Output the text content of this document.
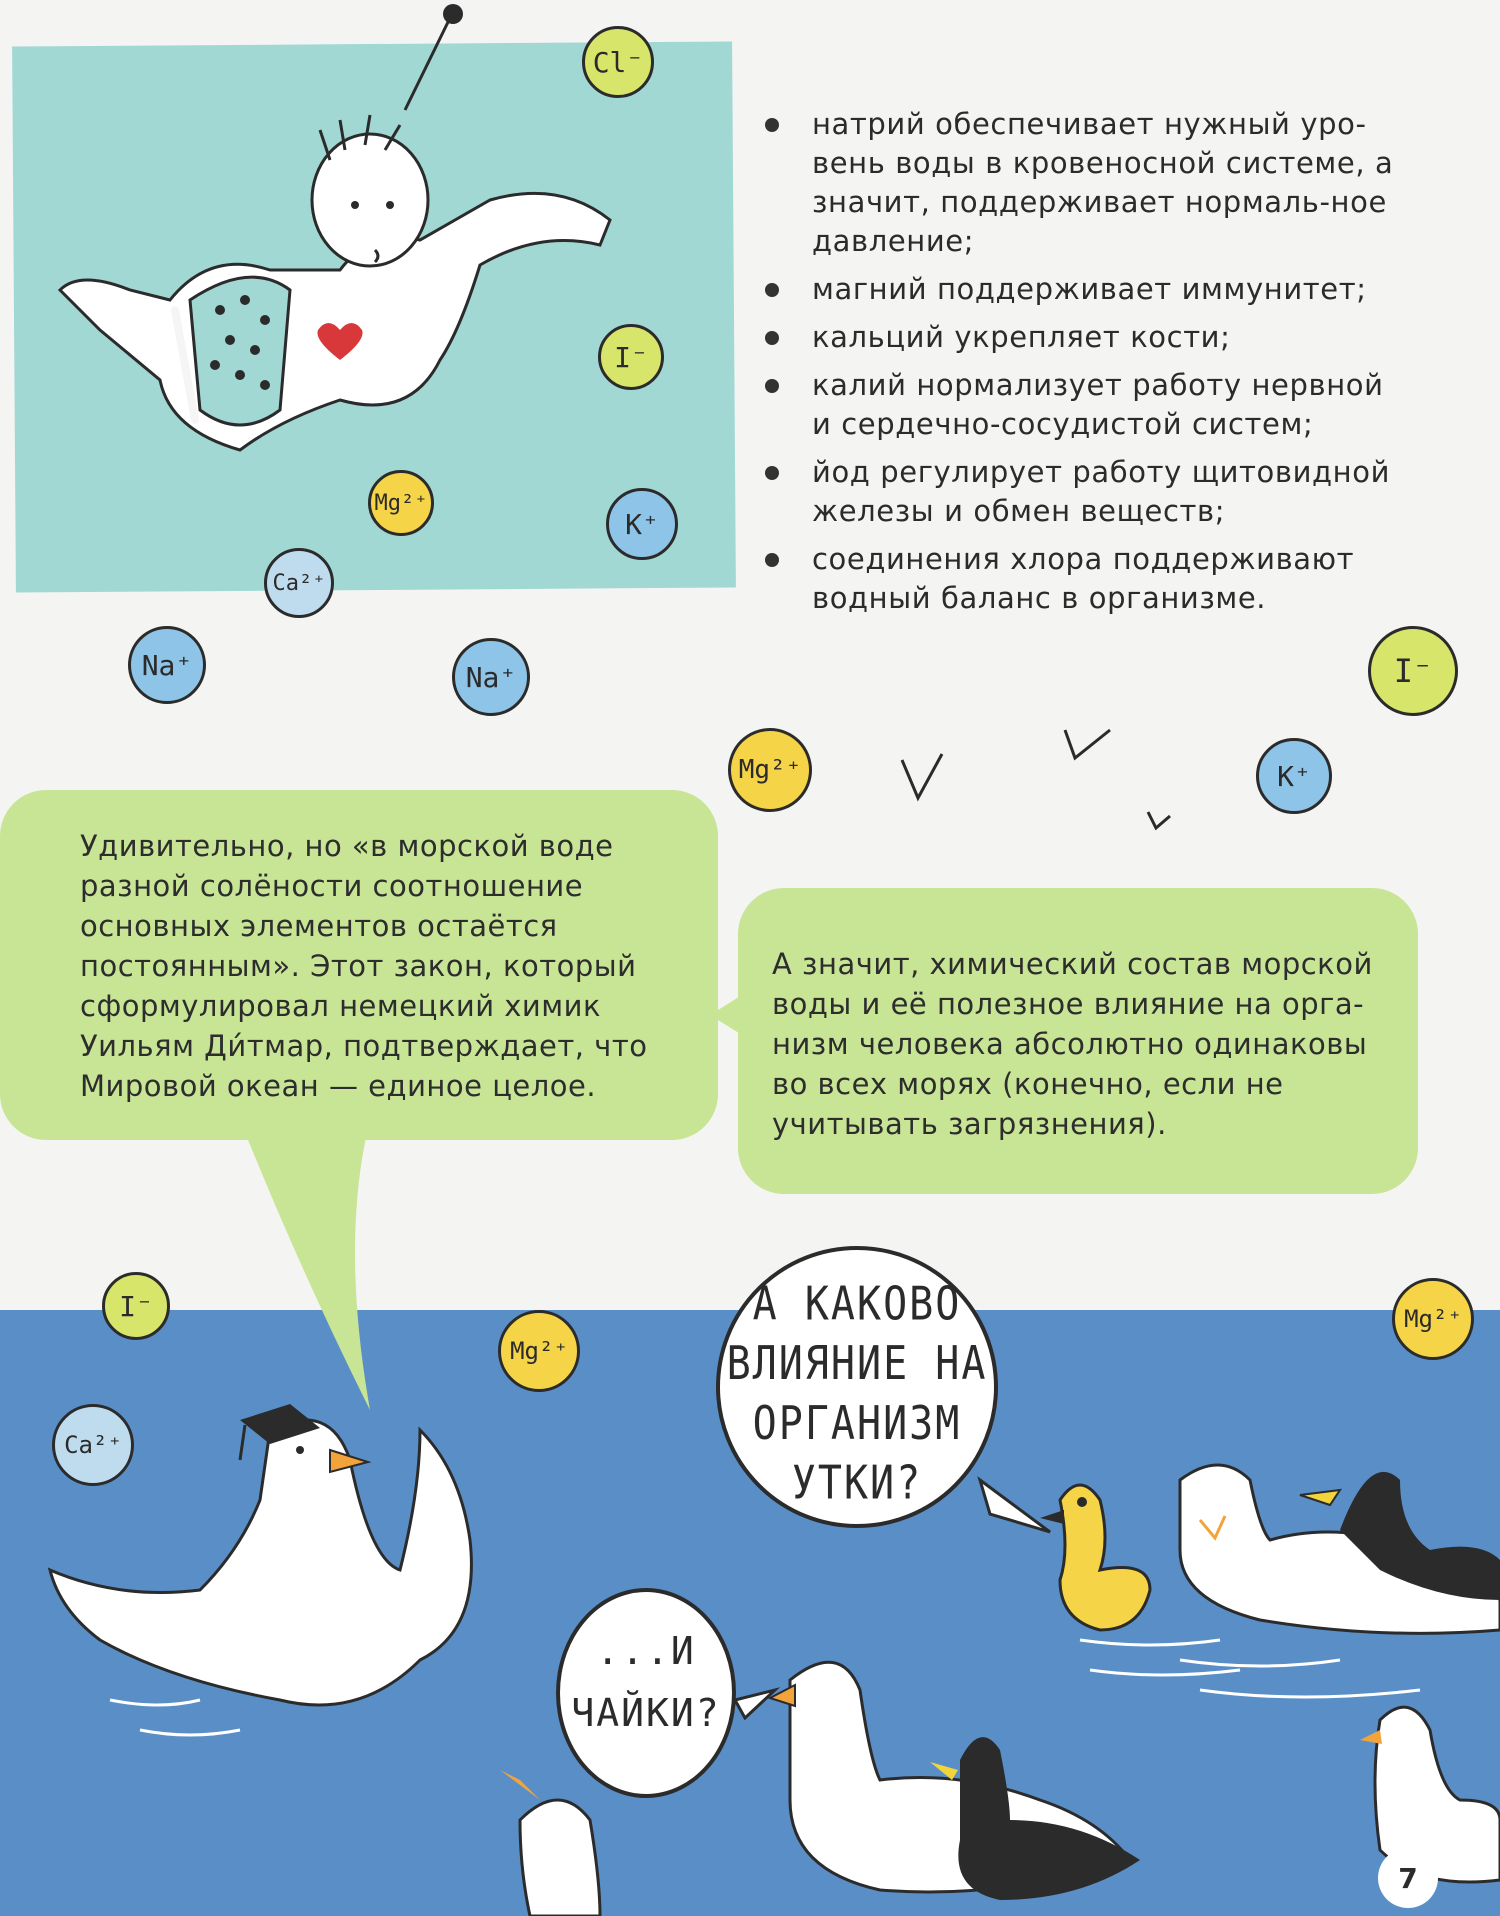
натрий обеспечивает нужный уро-вень воды в кровеносной системе, а значит, поддерживает нормаль-ное давление;
магний поддерживает иммунитет;
кальций укрепляет кости;
калий нормализует работу нервной и сердечно-сосудистой систем;
йод регулирует работу щитовидной железы и обмен веществ;
соединения хлора поддерживают водный баланс в организме.
Удивительно, но «в морской воде разной солёности соотношение основных элементов остаётся постоянным». Этот закон, который сформулировал немецкий химик Уильям Ди́тмар, подтверждает, что Мировой океан — единое целое.
А значит, химический состав морской воды и её полезное влияние на орга-низм человека абсолютно одинаковы во всех морях (конечно, если не учитывать загрязнения).
Cl⁻
I⁻
Mg²⁺
K⁺
Ca²⁺
Na⁺	Na⁺	I⁻
Mg²⁺	K⁺
I⁻
Mg²⁺
Ca²⁺
Mg²⁺
А КАКОВО ВЛИЯНИЕ НА ОРГАНИЗМ УТКИ?
...И ЧАЙКИ?
7
